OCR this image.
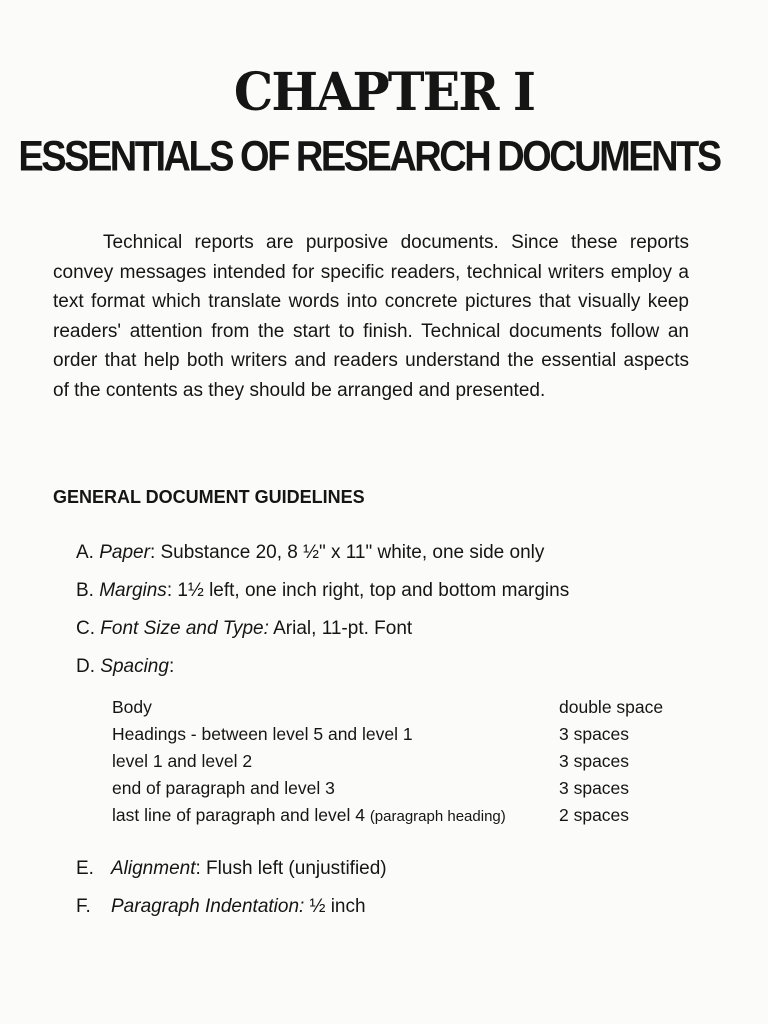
CHAPTER I
ESSENTIALS OF RESEARCH DOCUMENTS

Technical reports are purposive documents. Since these reports convey messages intended for specific readers, technical writers employ a text format which translate words into concrete pictures that visually keep readers' attention from the start to finish. Technical documents follow an order that help both writers and readers understand the essential aspects of the contents as they should be arranged and presented.

GENERAL DOCUMENT GUIDELINES
A. Paper: Substance 20, 8 ½" x 11" white, one side only
B. Margins: 1½ left, one inch right, top and bottom margins
C. Font Size and Type: Arial, 11-pt. Font
D. Spacing:
Body	double space
Headings - between level 5 and level 1	3 spaces
level 1 and level 2	3 spaces
end of paragraph and level 3	3 spaces
last line of paragraph and level 4 (paragraph heading)	2 spaces
E. Alignment: Flush left (unjustified)
F. Paragraph Indentation: ½ inch
